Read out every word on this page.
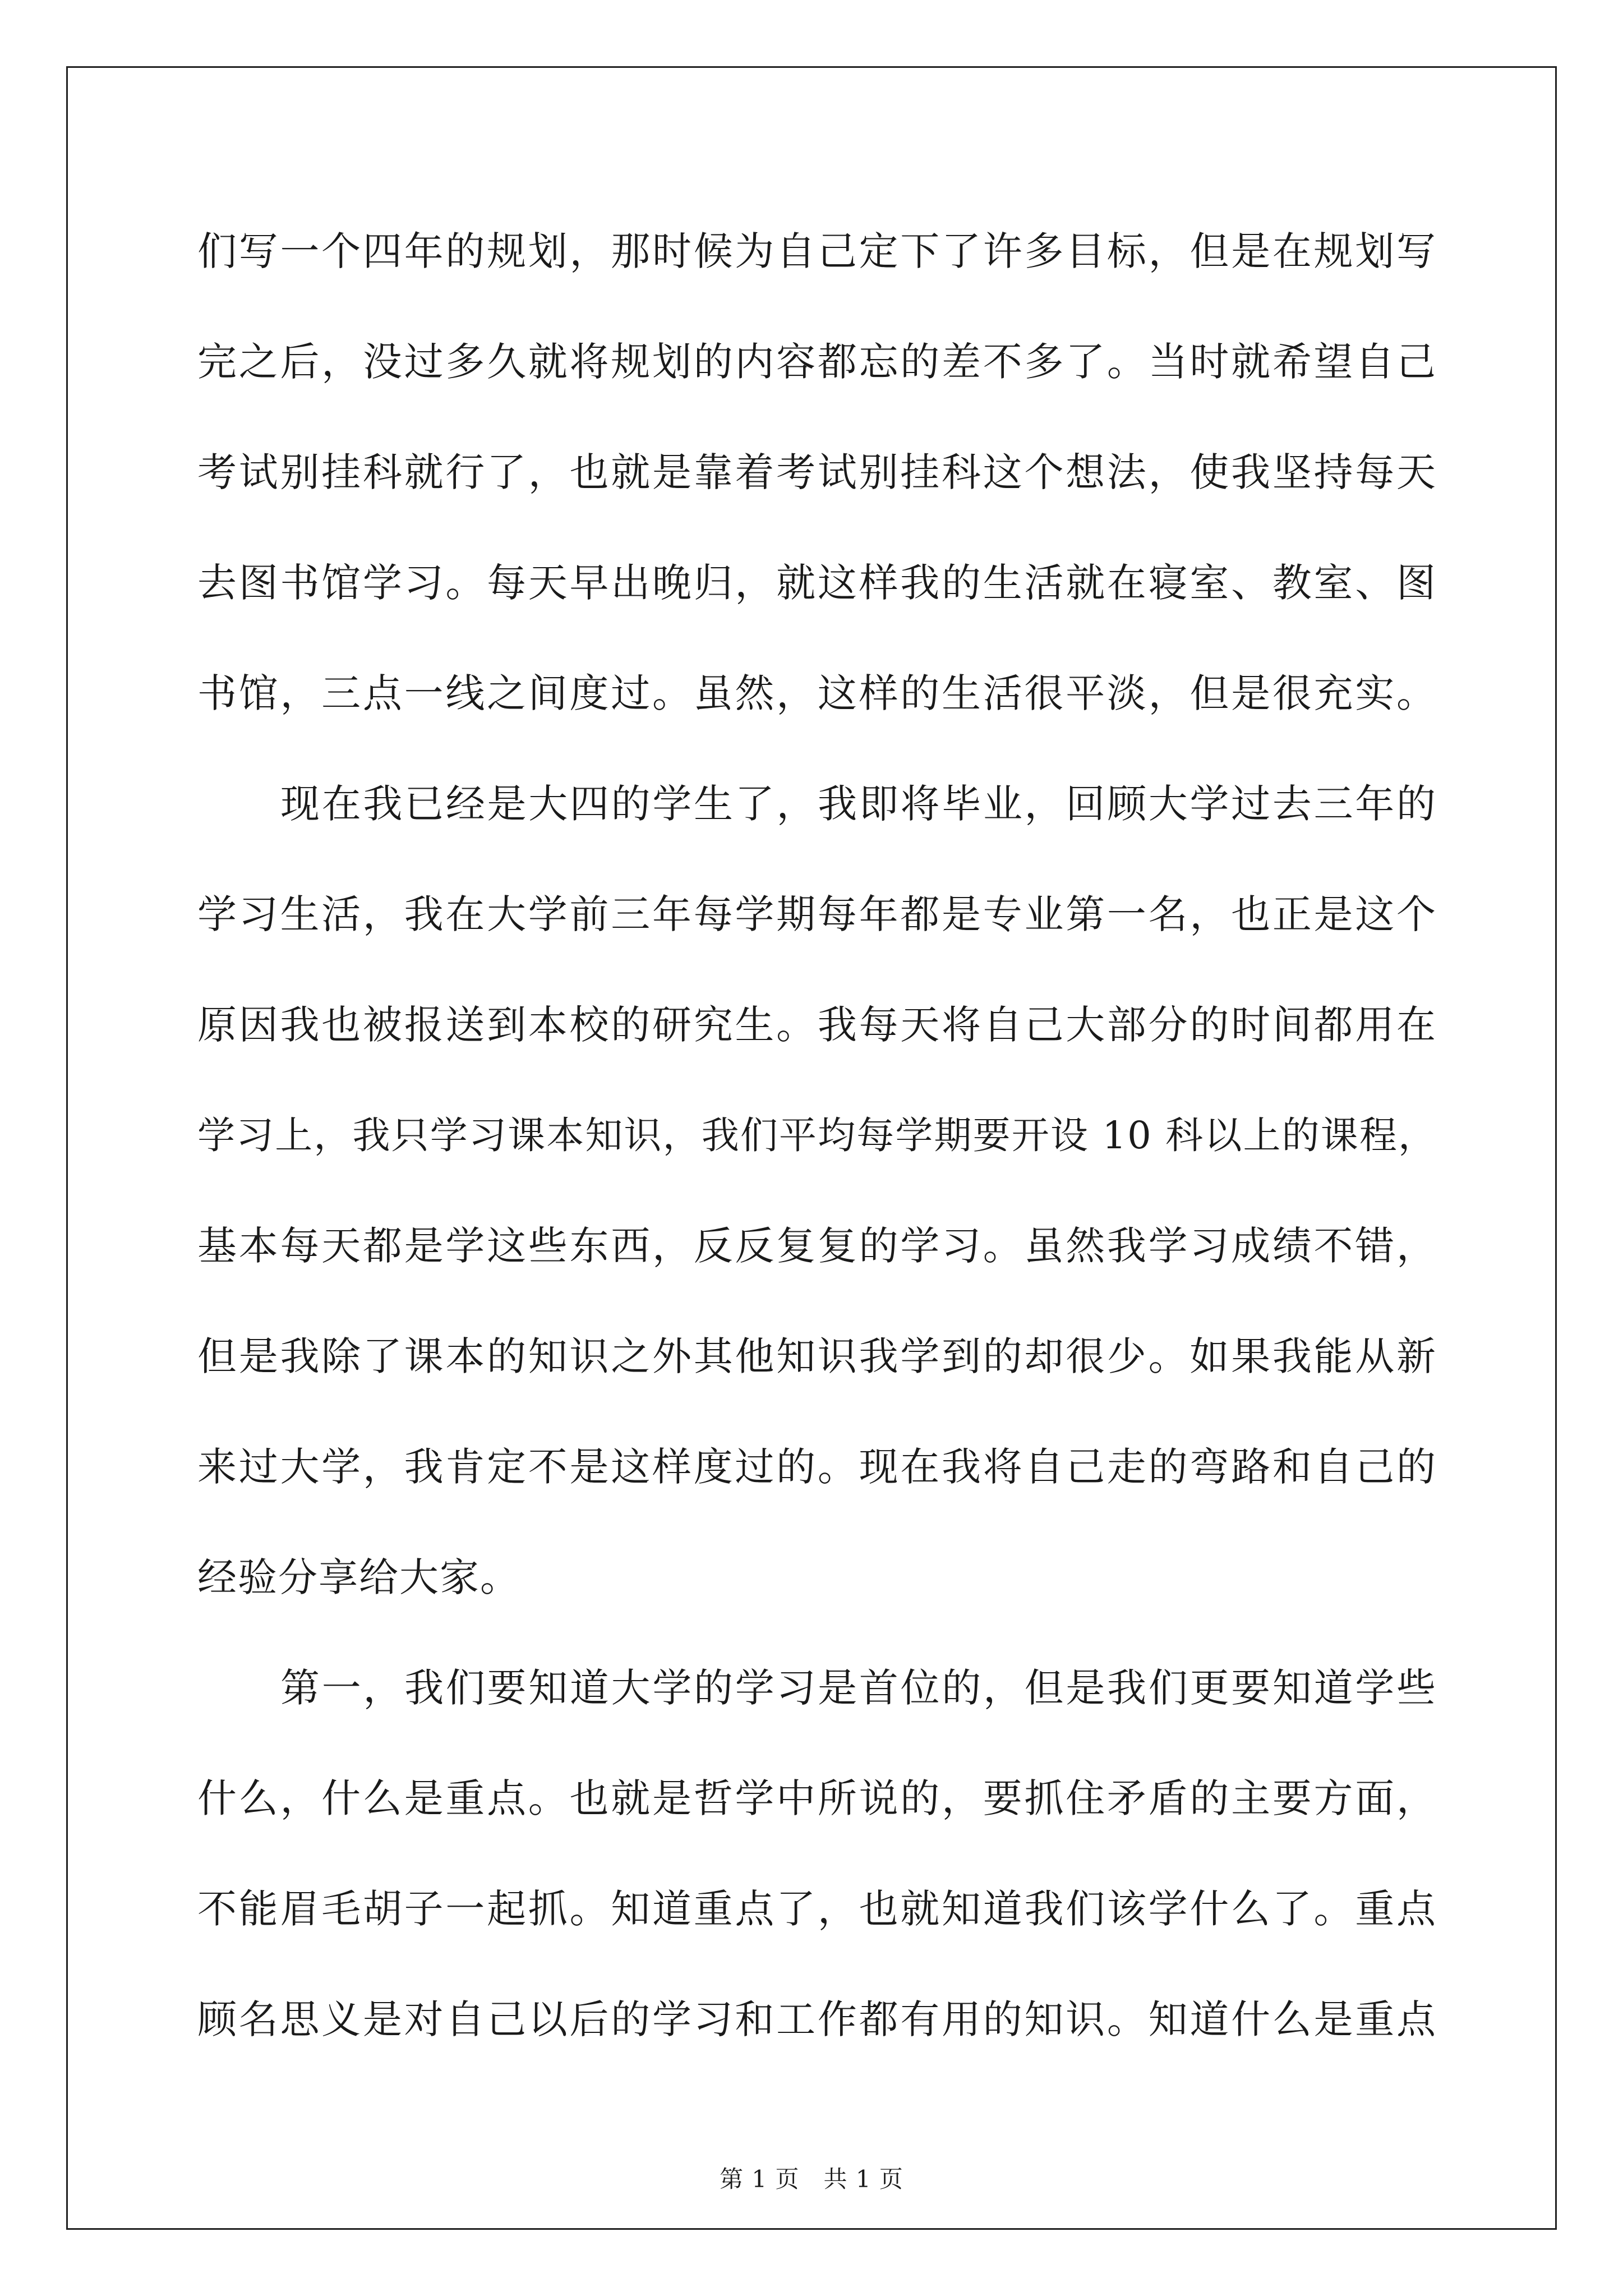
们写一个四年的规划，那时候为自己定下了许多目标，但是在规划写
完之后，没过多久就将规划的内容都忘的差不多了。当时就希望自己
考试别挂科就行了，也就是靠着考试别挂科这个想法，使我坚持每天
去图书馆学习。每天早出晚归，就这样我的生活就在寝室、教室、图
书馆，三点一线之间度过。虽然，这样的生活很平淡，但是很充实。
现在我已经是大四的学生了，我即将毕业，回顾大学过去三年的
学习生活，我在大学前三年每学期每年都是专业第一名，也正是这个
原因我也被报送到本校的研究生。我每天将自己大部分的时间都用在
学习上，我只学习课本知识，我们平均每学期要开设 10 科以上的课程，
基本每天都是学这些东西，反反复复的学习。虽然我学习成绩不错，
但是我除了课本的知识之外其他知识我学到的却很少。如果我能从新
来过大学，我肯定不是这样度过的。现在我将自己走的弯路和自己的
经验分享给大家。
第一，我们要知道大学的学习是首位的，但是我们更要知道学些
什么，什么是重点。也就是哲学中所说的，要抓住矛盾的主要方面，
不能眉毛胡子一起抓。知道重点了，也就知道我们该学什么了。重点
顾名思义是对自己以后的学习和工作都有用的知识。知道什么是重点
第 1 页　共 1 页
